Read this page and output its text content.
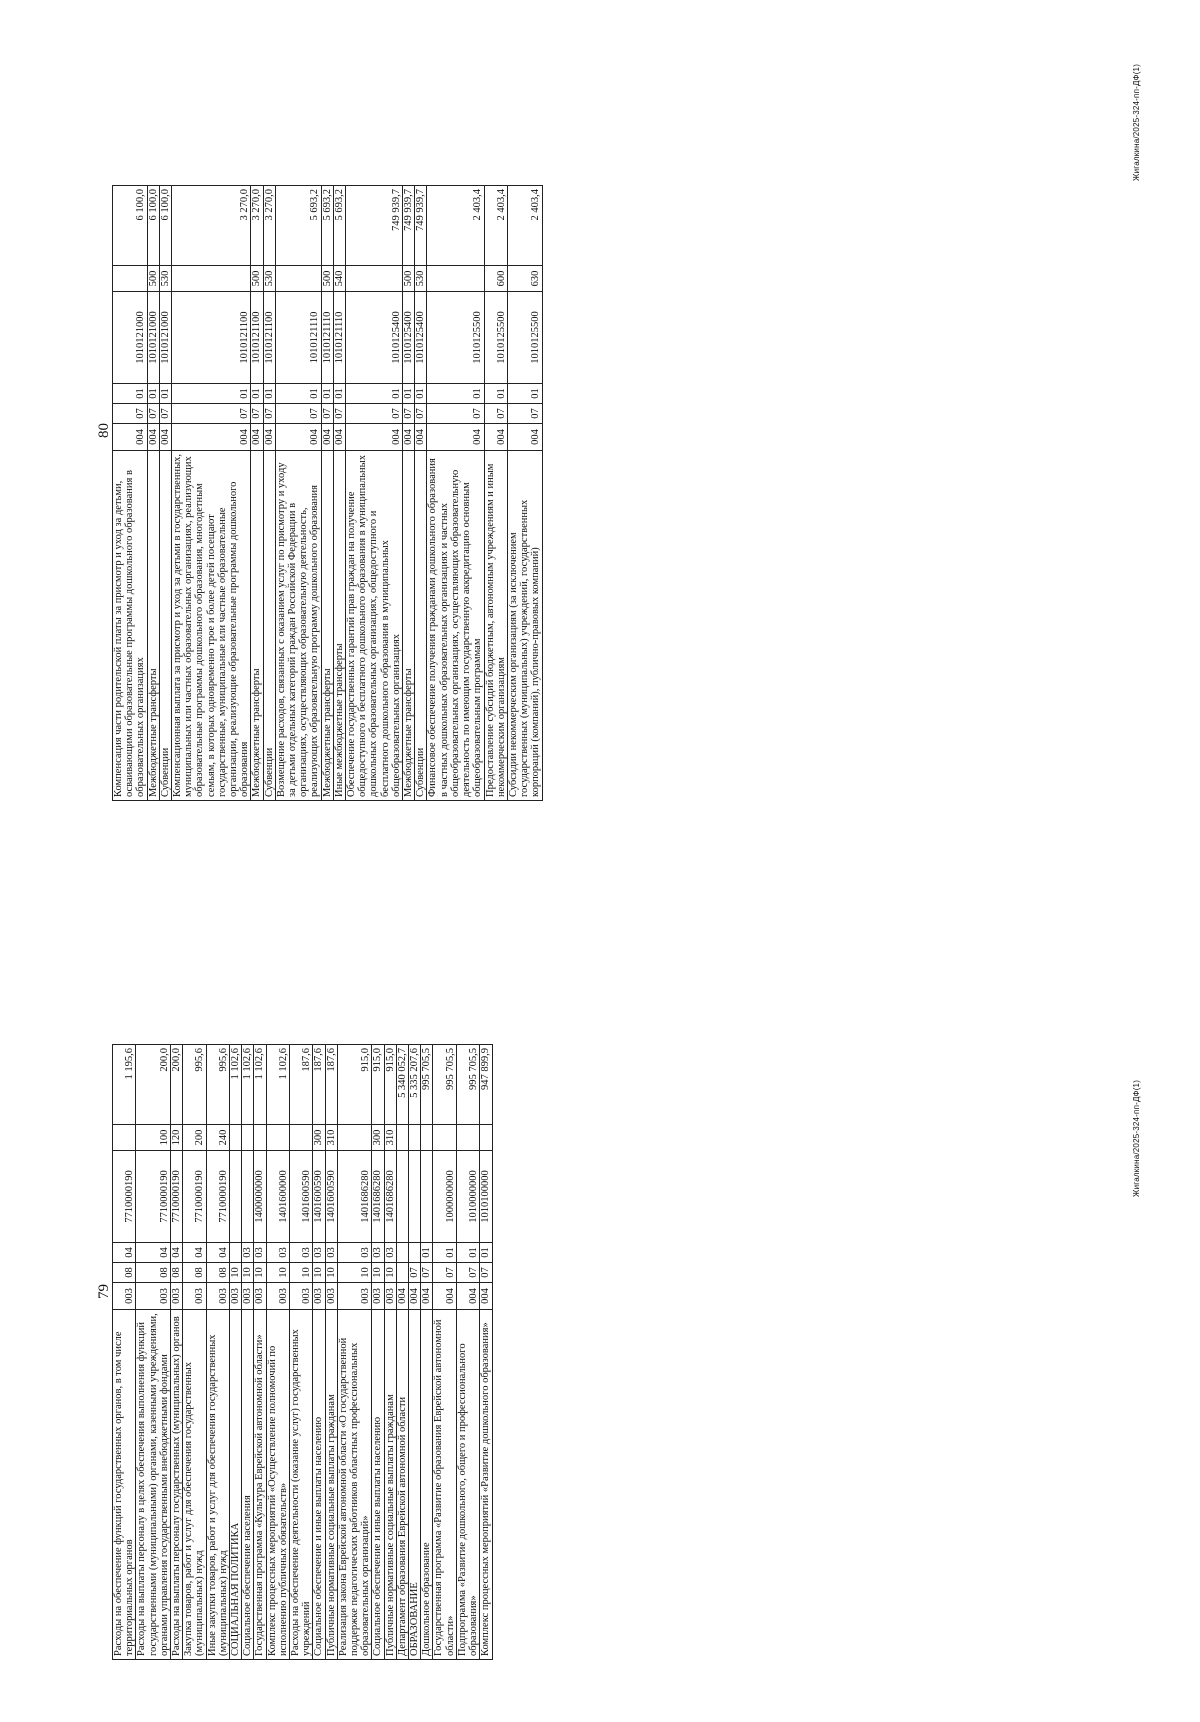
79
Расходы на обеспечение функций государственных органов, в том числе территориальных органов	003	08	04	7710000190		1 195,6
Расходы на выплаты персоналу в целях обеспечения выполнения функций государственными (муниципальными) органами, казенными учреждениями, органами управления государственными внебюджетными фондами	003	08	04	7710000190	100	200,0
Расходы на выплаты персоналу государственных (муниципальных) органов	003	08	04	7710000190	120	200,0
Закупка товаров, работ и услуг для обеспечения государственных (муниципальных) нужд	003	08	04	7710000190	200	995,6
Иные закупки товаров, работ и услуг для обеспечения государственных (муниципальных) нужд	003	08	04	7710000190	240	995,6
СОЦИАЛЬНАЯ ПОЛИТИКА	003	10				1 102,6
Социальное обеспечение населения	003	10	03			1 102,6
Государственная программа «Культура Еврейской автономной области»	003	10	03	1400000000		1 102,6
Комплекс процессных мероприятий «Осуществление полномочий по исполнению публичных обязательств»	003	10	03	1401600000		1 102,6
Расходы на обеспечение деятельности (оказание услуг) государственных учреждений	003	10	03	1401600590		187,6
Социальное обеспечение и иные выплаты населению	003	10	03	1401600590	300	187,6
Публичные нормативные социальные выплаты гражданам	003	10	03	1401600590	310	187,6
Реализация закона Еврейской автономной области «О государственной поддержке педагогических работников областных профессиональных образовательных организаций»	003	10	03	1401686280		915,0
Социальное обеспечение и иные выплаты населению	003	10	03	1401686280	300	915,0
Публичные нормативные социальные выплаты гражданам	003	10	03	1401686280	310	915,0
Департамент образования Еврейской автономной области	004					5 340 052,7
ОБРАЗОВАНИЕ	004	07				5 335 207,6
Дошкольное образование	004	07	01			995 705,5
Государственная программа «Развитие образования Еврейской автономной области»	004	07	01	1000000000		995 705,5
Подпрограмма «Развитие дошкольного, общего и профессионального образования»	004	07	01	1010000000		995 705,5
Комплекс процессных мероприятий «Развитие дошкольного образования»	004	07	01	1010100000		947 899,9
Жигалкина/2025-324-пп-ДФ(1)
80
Компенсация части родительской платы за присмотр и уход за детьми, осваивающими образовательные программы дошкольного образования в образовательных организациях	004	07	01	1010121000		6 100,0
Межбюджетные трансферты	004	07	01	1010121000	500	6 100,0
Субвенции	004	07	01	1010121000	530	6 100,0
Компенсационная выплата за присмотр и уход за детьми в государственных, муниципальных или частных образовательных организациях, реализующих образовательные программы дошкольного образования, многодетным семьям, в которых одновременно трое и более детей посещают государственные, муниципальные или частные образовательные организации, реализующие образовательные программы дошкольного образования	004	07	01	1010121100		3 270,0
Межбюджетные трансферты	004	07	01	1010121100	500	3 270,0
Субвенции	004	07	01	1010121100	530	3 270,0
Возмещение расходов, связанных с оказанием услуг по присмотру и уходу за детьми отдельных категорий граждан Российской Федерации в организациях, осуществляющих образовательную деятельность, реализующих образовательную программу дошкольного образования	004	07	01	1010121110		5 693,2
Межбюджетные трансферты	004	07	01	1010121110	500	5 693,2
Иные межбюджетные трансферты	004	07	01	1010121110	540	5 693,2
Обеспечение государственных гарантий прав граждан на получение общедоступного и бесплатного дошкольного образования в муниципальных дошкольных образовательных организациях, общедоступного и бесплатного дошкольного образования в муниципальных общеобразовательных организациях	004	07	01	1010125400		749 939,7
Межбюджетные трансферты	004	07	01	1010125400	500	749 939,7
Субвенции	004	07	01	1010125400	530	749 939,7
Финансовое обеспечение получения гражданами дошкольного образования в частных дошкольных образовательных организациях и частных общеобразовательных организациях, осуществляющих образовательную деятельность по имеющим государственную аккредитацию основным общеобразовательным программам	004	07	01	1010125500		2 403,4
Предоставление субсидий бюджетным, автономным учреждениям и иным некоммерческим организациям	004	07	01	1010125500	600	2 403,4
Субсидии некоммерческим организациям (за исключением государственных (муниципальных) учреждений, государственных корпораций (компаний), публично-правовых компаний)	004	07	01	1010125500	630	2 403,4
Жигалкина/2025-324-пп-ДФ(1)
